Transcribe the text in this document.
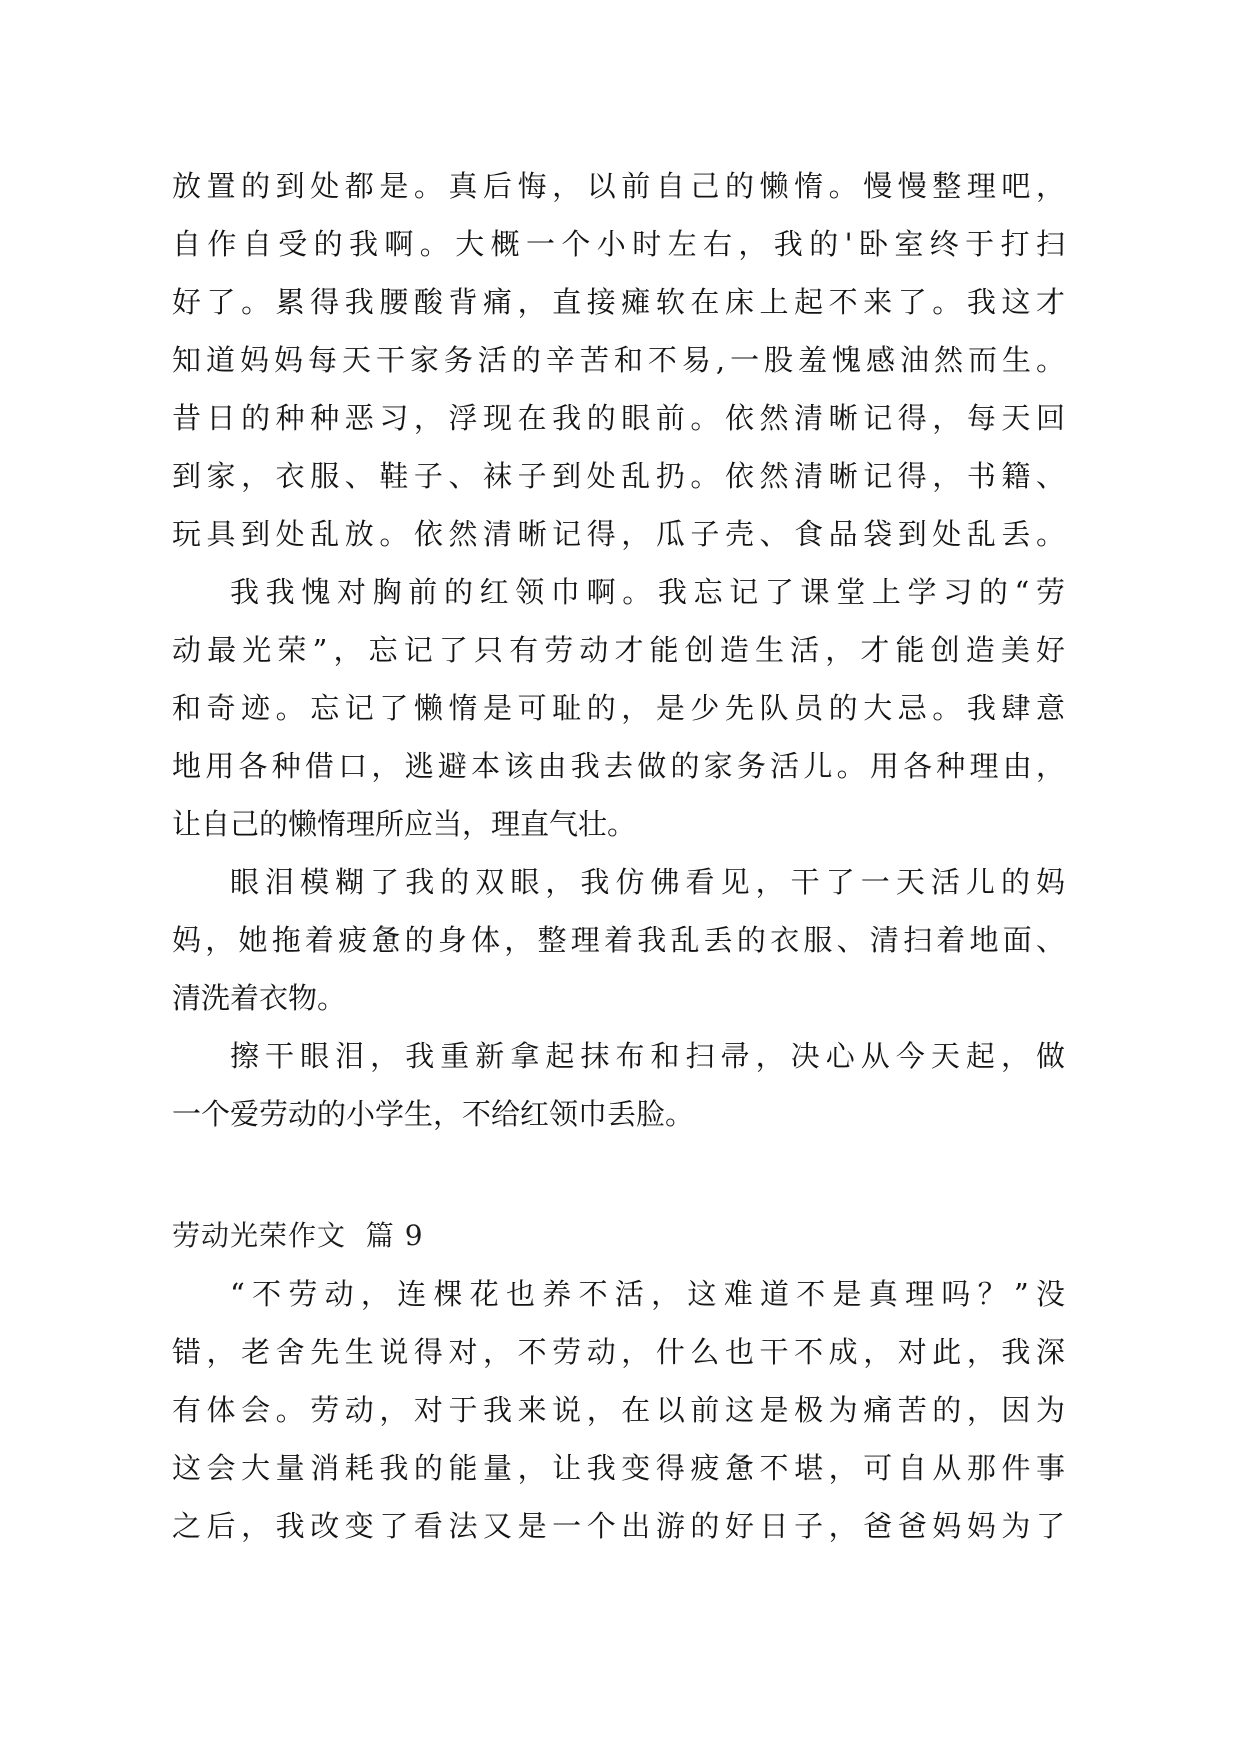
放置的到处都是。真后悔，以前自己的懒惰。慢慢整理吧，
自作自受的我啊。大概一个小时左右，我的'卧室终于打扫
好了。累得我腰酸背痛，直接瘫软在床上起不来了。我这才
知道妈妈每天干家务活的辛苦和不易,一股羞愧感油然而生。
昔日的种种恶习，浮现在我的眼前。依然清晰记得，每天回
到家，衣服、鞋子、袜子到处乱扔。依然清晰记得，书籍、
玩具到处乱放。依然清晰记得，瓜子壳、食品袋到处乱丢。
我我愧对胸前的红领巾啊。我忘记了课堂上学习的“劳
动最光荣”，忘记了只有劳动才能创造生活，才能创造美好
和奇迹。忘记了懒惰是可耻的，是少先队员的大忌。我肆意
地用各种借口，逃避本该由我去做的家务活儿。用各种理由，
让自己的懒惰理所应当，理直气壮。
眼泪模糊了我的双眼，我仿佛看见，干了一天活儿的妈
妈，她拖着疲惫的身体，整理着我乱丢的衣服、清扫着地面、
清洗着衣物。
擦干眼泪，我重新拿起抹布和扫帚，决心从今天起，做
一个爱劳动的小学生，不给红领巾丢脸。
劳动光荣作文  篇 9
“不劳动，连棵花也养不活，这难道不是真理吗？”没
错，老舍先生说得对，不劳动，什么也干不成，对此，我深
有体会。劳动，对于我来说，在以前这是极为痛苦的，因为
这会大量消耗我的能量，让我变得疲惫不堪，可自从那件事
之后，我改变了看法又是一个出游的好日子，爸爸妈妈为了
